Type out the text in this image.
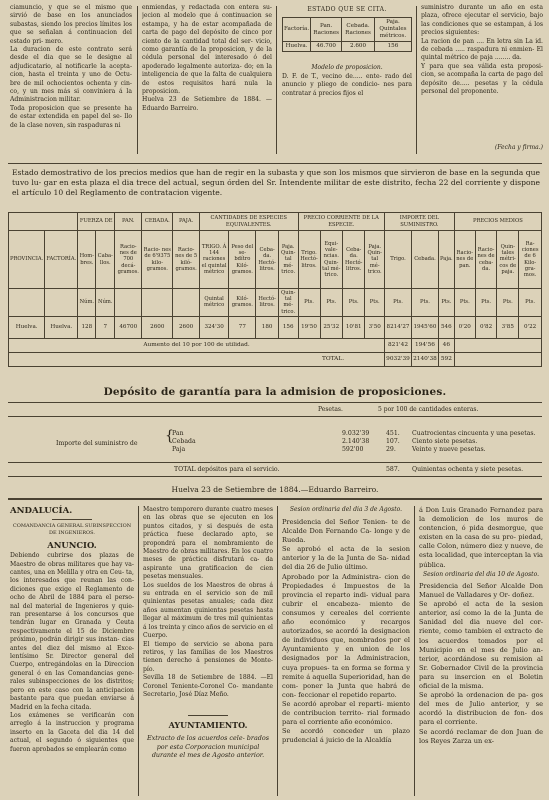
ciamuncio, y que se el mismo que sirvió de base en los anunciados subastas, siendo los precios límites los que se señalan á continuacion del estado pri- mero.
La duracion de este contrato será desde el dia que se le designe al adjudicatario, al notificarle la acepta- cion, hasta el treinta y uno de Octu- bre de mil ochocientos ochenta y cin- co, y un mes más si conviniera á la Administracion militar.
Toda proposicion que se presente ha de estar extendida en papel del se- llo de la clase noven, sin raspaduras ni
enmiendas, y redactada con entera su- jecion al modelo que á continuacion se estampa, y ha de estar acompañada de carta de pago del depósito de cinco por ciento de la cantidad total del ser- vicio, como garantía de la proposicion, y de la cédula personal del interesado ó del apoderado legalmente autoriza- do; en la inteligencia de que la falta de cualquiera de estos requisitos hará nula la proposicion.
Huelva 23 de Setiembre de 1884. —Eduardo Barreiro.
ESTADO QUE SE CITA.
Factoría.	Pan. Raciones	Cebada. Raciones	Paja. Quintales métricos.
Huelva.	46.700	2.600	156
Modelo de proposicion.
D. F. de T., vecino de..... ente- rado del anuncio y pliego de condicio- nes para contratar á precios fijos el
suministro durante un año en esta plaza, ofrece ejecutar el servicio, bajo las condiciones que se estampan, á los precios siguientes:
La racion de pan .... En letra sin La id. de cebada ..... raspadura ni enmien- El quintal métrico de paja ........ da.
Y para que sea válida esta proposi- cion, se acompaña la carta de pago del depósito de..... pesetas y la cédula personal del proponente.
(Fecha y firma.)
Estado demostrativo de los precios medios que han de regir en la subasta y que son los mismos que sirvieron de base en la segunda que tuvo lu- gar en esta plaza el dia trece del actual, segun órden del Sr. Intendente militar de este distrito, fecha 22 del corriente y dispone el artículo 10 del Reglamento de contratacion vigente.
		FUERZA DE		PAN.	CEBADA.	PAJA.	CANTIDADES DE ESPECIES EQUIVALENTES.				PRECIO CORRIENTE DE LA ESPECIE.				IMPORTE DEL SUMINISTRO.			PRECIOS MEDIOS			
PROVINCIA.	FACTORÍA.	Hom- bres.	Caba- llos.	Racio- nes de 700 decá- gramos.	Racio- nes de 6'9375 kilo- gramos.	Racio- nes de 5 kiló- gramos.	TRIGO. Á 144 raciones el quintal métrico	Peso del se- bdítro Kiló- gramos.	Ceba- da. Hectó- litros.	Paja. Quin- tal mé- trico.	Trigo. Hectó- litros.	Equi- vale- ncias. Quin- tal mé- trico.	Ceba- da. Hectó- litros.	Paja. Quin- tal mé- trico.	Trigo.	Cebada.	Paja.	Racio- nes de pan.	Racio- nes de ceba- da.	Quin- tales métri- cos de paja.	Ra- ciones de 6 Kilo- gra- mos.
		Núm.	Núm.				Quintal métrico	Kiló- gramos.	Hectó- litros.	Quin- tal mé- trico.	Pts.	Pts.	Pts.	Pts.	Pts.	Pts.	Pts.	Pts.	Pts.	Pts.	Pts.
Huelva.	Huelva.	128	7	46700	2600	2600	324'30	77	180	156	19'50	25'32	10'81	3'50	8214'27	1945'60	546	0'20	0'82	3'85	0'22
Aumento del 10 por 100 de utilidad.															821'42	194'56	46				
TOTAL.															9032'39	2140'38	592				
Depósito de garantía para la admision de proposiciones.
Pesetas.	5 por 100 de cantidades enteras.
Importe del suministro de {
Pan	9.032'39	451. Cuatrocientas cincuenta y una pesetas.
Cebada	2.140'38	107. Ciento siete pesetas.
Paja	592'00	29.	Veinte y nueve pesetas.
TOTAL depósitos para el servicio.	587. Quinientas ochenta y siete pesetas.
Huelva 23 de Setiembre de 1884.—Eduardo Barreiro.
ANDALUCÍA.
COMANDANCIA GENERAL SUBINSPECCION DE INGENIEROS.
ANUNCIO.
Debiendo cubrirse dos plazas de Maestro de obras militares que hay va- cantes, una en Melilla y otra en Ceu- ta, los interesados que reunan las con- diciones que exige el Reglamento de ocho de Abril de 1884 para el perso- nal del material de Ingenieros y quie- ran presentarse á los concursos que tendrán lugar en Granada y Ceuta respectivamente el 15 de Diciembre próximo, podrán dirigir sus instan- cias antes del diez del mismo al Exce- lentísimo Sr. Director general del Cuerpo, entregándolas en la Direccion general ó en las Comandancias gene- rales subinspecciones de los distritos; pero en este caso con la anticipacion bastante para que puedan enviarse á Madrid en la fecha citada.
Los exámenes se verificarán con arreglo á la instruccion y programa inserto en la Gaceta del dia 14 del actual, el segundo ó siguientes que fueron aprobados se emplearán como
Maestro temporero durante cuatro meses en las obras que se ejecuten en los puntos citados, y si después de esta práctica fuese declarado apto, se propondrá para el nombramiento de Maestro de obras militares. En los cuatro meses de práctica disfrutará ca- da aspirante una gratificacion de cien pesetas mensuales.
Los sueldos de los Maestros de obras á su entrada en el servicio son de mil quinientas pesetas anuales; cada diez años aumentan quinientas pesetas hasta llegar al máximum de tres mil quinientas á los treinta y cinco años de servicio en el Cuerpo.
El tiempo de servicio se abona para retiros, y las familias de los Maestros tienen derecho á pensiones de Monte- pío.
Sevilla 18 de Setiembre de 1884. —El Coronel Teniente-Coronel Co- mandante Secretario, José Díaz Meño.
AYUNTAMIENTO.
Extracto de los acuerdos cele- brados por esta Corporacion municipal durante el mes de Agosto anterior.
Sesion ordinaria del dia 3 de Agosto.
Presidencia del Señor Tenien- te de Alcalde Don Fernando Ca- longe y de Rueda.
Se aprobó el acta de la sesion anterior y la de la Junta de Sa- nidad del dia 26 de Julio último.
Aprobado por la Administra- cion de Propiedades é Impuestos de la provincia el reparto indi- vidual para cubrir el encabeza- miento de consumos y cereales del corriente año económico y recargos autorizados, se acordó la designacion de individuos que, nombrados por el Ayuntamiento y en union de los designados por la Administracion, cuya propues- ta en forma se forma y remite á aquella Superioridad, han de com- poner la Junta que habrá de con- feccionar el repetido reparto.
Se acordó aprobar el reparti- miento de contribucion territo- rial formado para el corriente año económico.
Se acordó conceder un plazo prudencial á juicio de la Alcaldía
á Don Luis Granado Fernandez para la demolicion de los muros de contencion, ó pida desmorgue, que existen en la casa de su pro- piedad, calle Colon, número diez y nueve, de esta localidad, que interceptan la via pública.
Sesion ordinaria del dia 10 de Agosto.
Presidencia del Señor Alcalde Don Manuel de Valladares y Or- doñez.
Se aprobó el acta de la sesion anterior, así como la de la Junta de Sanidad del dia nueve del cor- riente, como tambien el extracto de los acuerdos tomados por el Municipio en el mes de Julio an- terior, acordándose su remision al Sr. Gobernador Civil de la provincia para su insercion en el Boletin oficial de la misma.
Se aprobó la ordenacion de pa- gos del mes de Julio anterior, y se acordó la distribucion de fon- dos para el corriente.
Se acordó reclamar de don Juan de los Reyes Zarza un ex-
